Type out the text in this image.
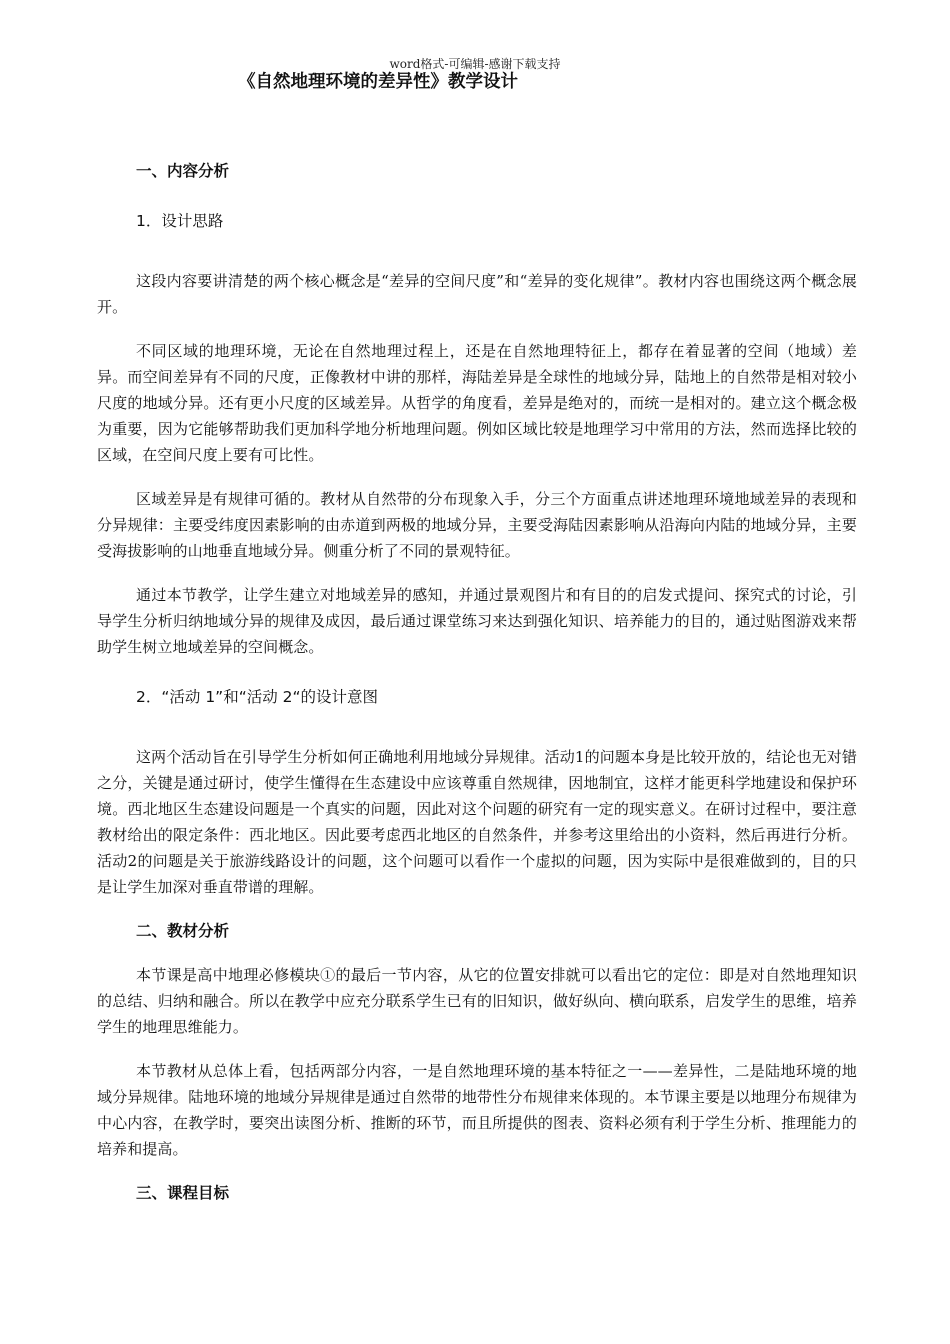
word格式-可编辑-感谢下载支持
《自然地理环境的差异性》教学设计
一、内容分析
1．设计思路

这段内容要讲清楚的两个核心概念是“差异的空间尺度”和“差异的变化规律”。教材内容也围绕这两个概念展开。

不同区域的地理环境，无论在自然地理过程上，还是在自然地理特征上，都存在着显著的空间（地域）差异。而空间差异有不同的尺度，正像教材中讲的那样，海陆差异是全球性的地域分异，陆地上的自然带是相对较小尺度的地域分异。还有更小尺度的区域差异。从哲学的角度看，差异是绝对的，而统一是相对的。建立这个概念极为重要，因为它能够帮助我们更加科学地分析地理问题。例如区域比较是地理学习中常用的方法，然而选择比较的区域，在空间尺度上要有可比性。

区域差异是有规律可循的。教材从自然带的分布现象入手，分三个方面重点讲述地理环境地域差异的表现和分异规律：主要受纬度因素影响的由赤道到两极的地域分异，主要受海陆因素影响从沿海向内陆的地域分异，主要受海拔影响的山地垂直地域分异。侧重分析了不同的景观特征。

通过本节教学，让学生建立对地域差异的感知，并通过景观图片和有目的的启发式提问、探究式的讨论，引导学生分析归纳地域分异的规律及成因，最后通过课堂练习来达到强化知识、培养能力的目的，通过贴图游戏来帮助学生树立地域差异的空间概念。

2．“活动 1”和“活动 2“的设计意图

这两个活动旨在引导学生分析如何正确地利用地域分异规律。活动1的问题本身是比较开放的，结论也无对错之分，关键是通过研讨，使学生懂得在生态建设中应该尊重自然规律，因地制宜，这样才能更科学地建设和保护环境。西北地区生态建设问题是一个真实的问题，因此对这个问题的研究有一定的现实意义。在研讨过程中，要注意教材给出的限定条件：西北地区。因此要考虑西北地区的自然条件，并参考这里给出的小资料，然后再进行分析。活动2的问题是关于旅游线路设计的问题，这个问题可以看作一个虚拟的问题，因为实际中是很难做到的，目的只是让学生加深对垂直带谱的理解。

二、教材分析

本节课是高中地理必修模块①的最后一节内容，从它的位置安排就可以看出它的定位：即是对自然地理知识的总结、归纳和融合。所以在教学中应充分联系学生已有的旧知识，做好纵向、横向联系，启发学生的思维，培养学生的地理思维能力。

本节教材从总体上看，包括两部分内容，一是自然地理环境的基本特征之一——差异性，二是陆地环境的地域分异规律。陆地环境的地域分异规律是通过自然带的地带性分布规律来体现的。本节课主要是以地理分布规律为中心内容，在教学时，要突出读图分析、推断的环节，而且所提供的图表、资料必须有利于学生分析、推理能力的培养和提高。

三、课程目标
